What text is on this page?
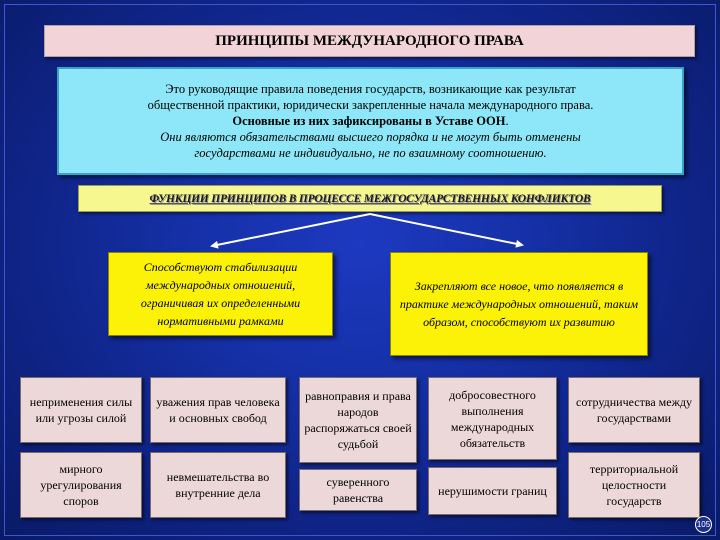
ПРИНЦИПЫ МЕЖДУНАРОДНОГО ПРАВА
Это руководящие правила поведения государств, возникающие как результат
общественной практики, юридически закрепленные начала международного права.
Основные из них зафиксированы в Уставе ООН.
Они являются обязательствами высшего порядка и не могут быть отменены
государствами не индивидуально, не по взаимному соотношению.
ФУНКЦИИ ПРИНЦИПОВ В ПРОЦЕССЕ МЕЖГОСУДАРСТВЕННЫХ КОНФЛИКТОВ
Способствуют стабилизации международных отношений, ограничивая их определенными нормативными рамками
Закрепляют все новое, что появляется в практике международных отношений, таким образом, способствуют их развитию
неприменения силы или угрозы силой
уважения прав человека и основных свобод
равноправия и права народов распоряжаться своей судьбой
добросовестного выполнения международных обязательств
сотрудничества между государствами
мирного урегулирования споров
невмешательства во внутренние дела
суверенного равенства	нерушимости границ
территориальной целостности государств
105
